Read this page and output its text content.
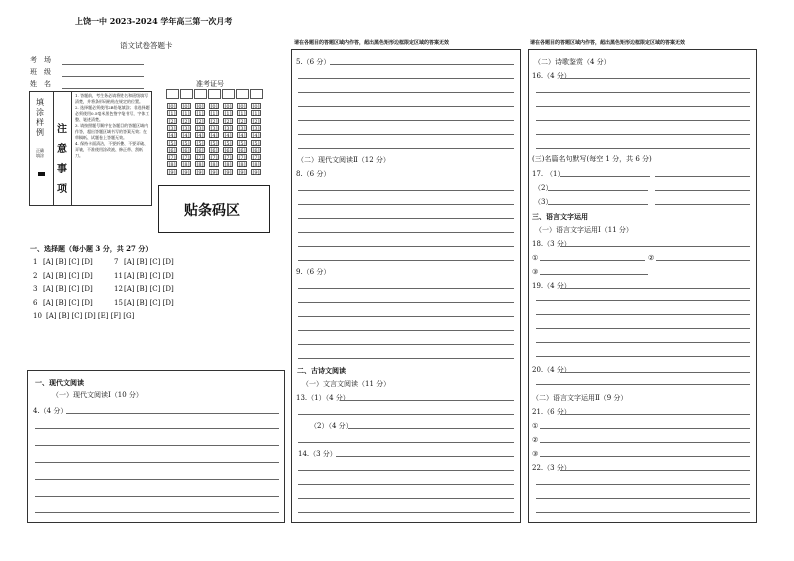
上饶一中 2023-2024 学年高三第一次月考
语文试卷答题卡
考　场
班　级
姓　名
填涂样例
正确填涂
注意事项
1. 答题前，考生务必请将姓名和班级填写清楚，并将条形码粘贴在规定的位置。
2. 选择题必须使用2B铅笔填涂；非选择题必须使用0.5毫米黑色签字笔书写，字体工整、笔迹清楚。
3. 请按照题号顺序在各题目的答题区域内作答，超出答题区域书写的答案无效；在草稿纸、试题卷上答题无效。
4. 保持卡面清洁，不要折叠、不要弄破、弄皱，不准使用涂改液、修正带、刮纸刀。
准考证号
[0]
[1]
[2]
[3]
[4]
[5]
[6]
[7]
[8]
[9]
[0]
[1]
[2]
[3]
[4]
[5]
[6]
[7]
[8]
[9]
[0]
[1]
[2]
[3]
[4]
[5]
[6]
[7]
[8]
[9]
[0]
[1]
[2]
[3]
[4]
[5]
[6]
[7]
[8]
[9]
[0]
[1]
[2]
[3]
[4]
[5]
[6]
[7]
[8]
[9]
[0]
[1]
[2]
[3]
[4]
[5]
[6]
[7]
[8]
[9]
[0]
[1]
[2]
[3]
[4]
[5]
[6]
[7]
[8]
[9]
贴条码区
一、选择题（每小题 3 分，共 27 分）
1 [A] [B] [C] [D]	7 [A] [B] [C] [D]
2 [A] [B] [C] [D]	11 [A] [B] [C] [D]
3 [A] [B] [C] [D]	12 [A] [B] [C] [D]
6 [A] [B] [C] [D]	15 [A] [B] [C] [D]
10 [A] [B] [C] [D] [E] [F] [G]
一、现代文阅读
（一）现代文阅读Ⅰ（10 分）
4.（4 分）
请在各题目的答题区域内作答，超出黑色矩形边框限定区域的答案无效
5.（6 分）
（二）现代文阅读Ⅱ（12 分）
8.（6 分）
9.（6 分）
二、古诗文阅读
（一）文言文阅读（11 分）
13.（1）（4 分）
（2）（4 分）
14.（3 分）
请在各题目的答题区域内作答，超出黑色矩形边框限定区域的答案无效
（二）诗歌鉴赏（4 分）
16.（4 分）
(三)名篇名句默写(每空 1 分，共 6 分)
17. （1）
（2）
（3）
三、语言文字运用
（一）语言文字运用Ⅰ（11 分）
18.（3 分）
①	②
③
19.（4 分）
20.（4 分）
（二）语言文字运用Ⅱ（9 分）
21.（6 分）
①
②
③
22.（3 分）
